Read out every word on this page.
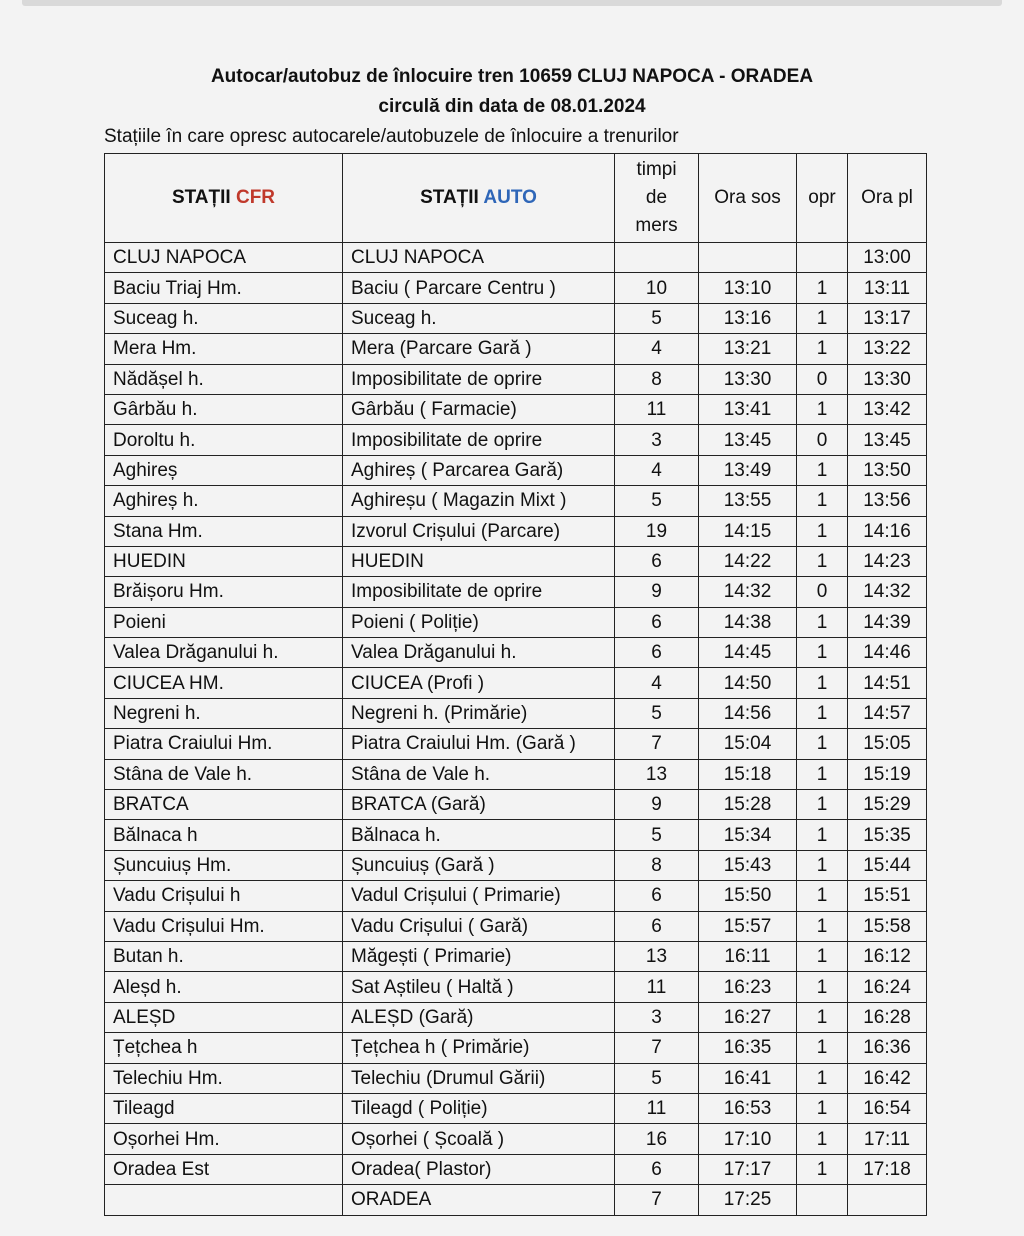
Autocar/autobuz de înlocuire tren 10659 CLUJ NAPOCA - ORADEA
circulă din data de 08.01.2024
Stațiile în care opresc autocarele/autobuzele de înlocuire a trenurilor
STAȚII CFR	STAȚII AUTO	timpi
de
mers	Ora sos	opr	Ora pl
CLUJ NAPOCA	CLUJ NAPOCA				13:00
Baciu Triaj Hm.	Baciu ( Parcare Centru )	10	13:10	1	13:11
Suceag h.	Suceag h.	5	13:16	1	13:17
Mera Hm.	Mera (Parcare Gară )	4	13:21	1	13:22
Nădășel h.	Imposibilitate de oprire	8	13:30	0	13:30
Gârbău h.	Gârbău ( Farmacie)	11	13:41	1	13:42
Doroltu h.	Imposibilitate de oprire	3	13:45	0	13:45
Aghireș	Aghireș ( Parcarea Gară)	4	13:49	1	13:50
Aghireș h.	Aghireșu ( Magazin Mixt )	5	13:55	1	13:56
Stana Hm.	Izvorul Crișului (Parcare)	19	14:15	1	14:16
HUEDIN	HUEDIN	6	14:22	1	14:23
Brăișoru Hm.	Imposibilitate de oprire	9	14:32	0	14:32
Poieni	Poieni ( Poliție)	6	14:38	1	14:39
Valea Drăganului h.	Valea Drăganului h.	6	14:45	1	14:46
CIUCEA HM.	CIUCEA (Profi )	4	14:50	1	14:51
Negreni h.	Negreni h. (Primărie)	5	14:56	1	14:57
Piatra Craiului Hm.	Piatra Craiului Hm. (Gară )	7	15:04	1	15:05
Stâna de Vale h.	Stâna de Vale h.	13	15:18	1	15:19
BRATCA	BRATCA (Gară)	9	15:28	1	15:29
Bălnaca h	Bălnaca h.	5	15:34	1	15:35
Șuncuiuș Hm.	Șuncuiuș (Gară )	8	15:43	1	15:44
Vadu Crișului h	Vadul Crișului ( Primarie)	6	15:50	1	15:51
Vadu Crișului Hm.	Vadu Crișului ( Gară)	6	15:57	1	15:58
Butan h.	Măgești ( Primarie)	13	16:11	1	16:12
Aleșd h.	Sat Aștileu ( Haltă )	11	16:23	1	16:24
ALEȘD	ALEȘD (Gară)	3	16:27	1	16:28
Țețchea h	Țețchea h ( Primărie)	7	16:35	1	16:36
Telechiu Hm.	Telechiu (Drumul Gării)	5	16:41	1	16:42
Tileagd	Tileagd ( Poliție)	11	16:53	1	16:54
Oșorhei Hm.	Oșorhei ( Școală )	16	17:10	1	17:11
Oradea Est	Oradea( Plastor)	6	17:17	1	17:18
	ORADEA	7	17:25		
